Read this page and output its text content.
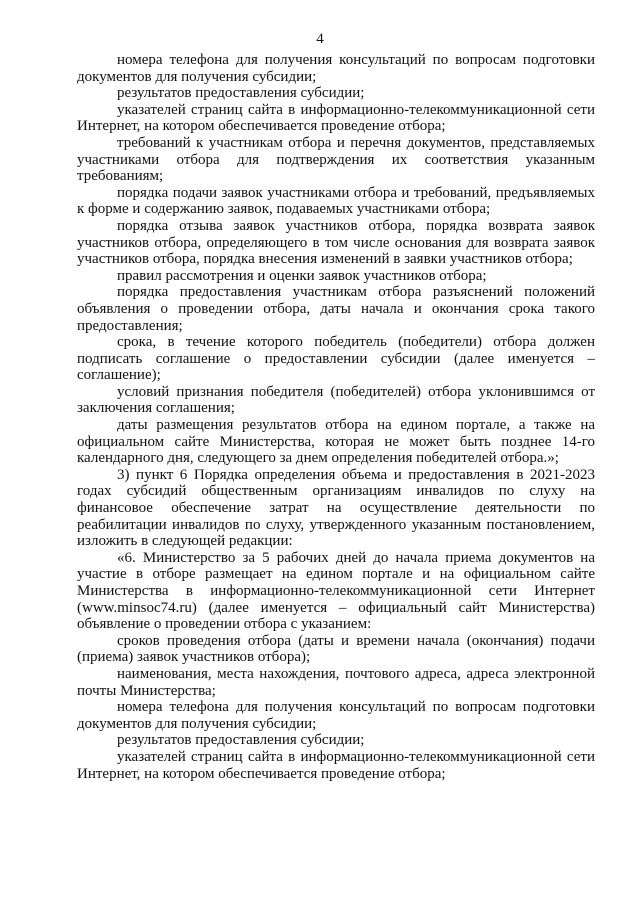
4

номера телефона для получения консультаций по вопросам подготовки документов для получения субсидии;

результатов предоставления субсидии;

указателей страниц сайта в информационно-телекоммуникационной сети Интернет, на котором обеспечивается проведение отбора;

требований к участникам отбора и перечня документов, представляемых участниками отбора для подтверждения их соответствия указанным требованиям;

порядка подачи заявок участниками отбора и требований, предъявляемых к форме и содержанию заявок, подаваемых участниками отбора;

порядка отзыва заявок участников отбора, порядка возврата заявок участников отбора, определяющего в том числе основания для возврата заявок участников отбора, порядка внесения изменений в заявки участников отбора;

правил рассмотрения и оценки заявок участников отбора;

порядка предоставления участникам отбора разъяснений положений объявления о проведении отбора, даты начала и окончания срока такого предоставления;

срока, в течение которого победитель (победители) отбора должен подписать соглашение о предоставлении субсидии (далее именуется – соглашение);

условий признания победителя (победителей) отбора уклонившимся от заключения соглашения;

даты размещения результатов отбора на едином портале, а также на официальном сайте Министерства, которая не может быть позднее 14-го календарного дня, следующего за днем определения победителей отбора.»;

3) пункт 6 Порядка определения объема и предоставления в 2021-2023 годах субсидий общественным организациям инвалидов по слуху на финансовое обеспечение затрат на осуществление деятельности по реабилитации инвалидов по слуху, утвержденного указанным постановлением, изложить в следующей редакции:

«6. Министерство за 5 рабочих дней до начала приема документов на участие в отборе размещает на едином портале и на официальном сайте Министерства в информационно-телекоммуникационной сети Интернет (www.minsoc74.ru) (далее именуется – официальный сайт Министерства) объявление о проведении отбора с указанием:

сроков проведения отбора (даты и времени начала (окончания) подачи (приема) заявок участников отбора);

наименования, места нахождения, почтового адреса, адреса электронной почты Министерства;

номера телефона для получения консультаций по вопросам подготовки документов для получения субсидии;

результатов предоставления субсидии;

указателей страниц сайта в информационно-телекоммуникационной сети Интернет, на котором обеспечивается проведение отбора;
